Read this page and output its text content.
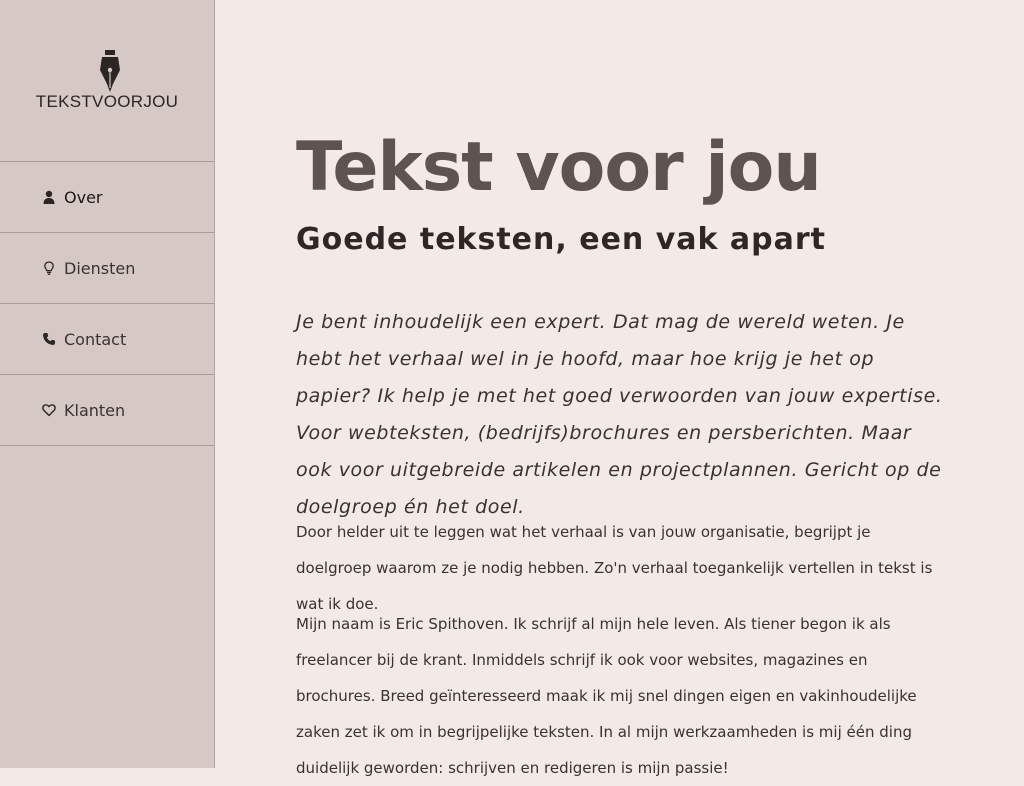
TEKSTVOORJOU
Over
Diensten
Contact
Klanten
Tekst voor jou
Goede teksten, een vak apart

Je bent inhoudelijk een expert. Dat mag de wereld weten. Je hebt het verhaal wel in je hoofd, maar hoe krijg je het op papier? Ik help je met het goed verwoorden van jouw expertise. Voor webteksten, (bedrijfs)brochures en persberichten. Maar ook voor uitgebreide artikelen en projectplannen. Gericht op de doelgroep én het doel.

Door helder uit te leggen wat het verhaal is van jouw organisatie, begrijpt je doelgroep waarom ze je nodig hebben. Zo'n verhaal toegankelijk vertellen in tekst is wat ik doe.

Mijn naam is Eric Spithoven. Ik schrijf al mijn hele leven. Als tiener begon ik als freelancer bij de krant. Inmiddels schrijf ik ook voor websites, magazines en brochures. Breed geïnteresseerd maak ik mij snel dingen eigen en vakinhoudelijke zaken zet ik om in begrijpelijke teksten. In al mijn werkzaamheden is mij één ding duidelijk geworden: schrijven en redigeren is mijn passie!
